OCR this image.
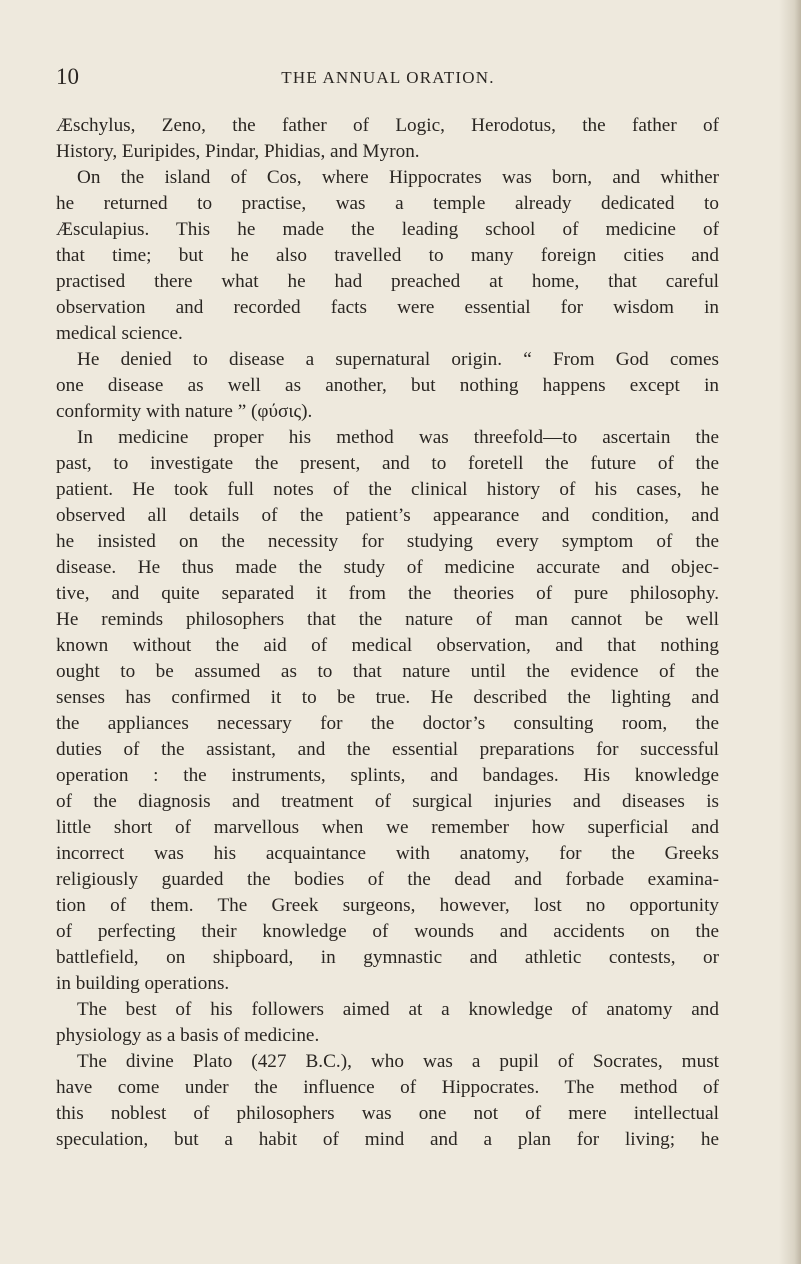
10	THE ANNUAL ORATION.
Æschylus, Zeno, the father of Logic, Herodotus, the father of
History, Euripides, Pindar, Phidias, and Myron.
On the island of Cos, where Hippocrates was born, and whither
he returned to practise, was a temple already dedicated to
Æsculapius. This he made the leading school of medicine of
that time; but he also travelled to many foreign cities and
practised there what he had preached at home, that careful
observation and recorded facts were essential for wisdom in
medical science.
He denied to disease a supernatural origin. “ From God comes
one disease as well as another, but nothing happens except in
conformity with nature ” (φύσις).
In medicine proper his method was threefold—to ascertain the
past, to investigate the present, and to foretell the future of the
patient. He took full notes of the clinical history of his cases, he
observed all details of the patient’s appearance and condition, and
he insisted on the necessity for studying every symptom of the
disease. He thus made the study of medicine accurate and objec-
tive, and quite separated it from the theories of pure philosophy.
He reminds philosophers that the nature of man cannot be well
known without the aid of medical observation, and that nothing
ought to be assumed as to that nature until the evidence of the
senses has confirmed it to be true. He described the lighting and
the appliances necessary for the doctor’s consulting room, the
duties of the assistant, and the essential preparations for successful
operation : the instruments, splints, and bandages. His knowledge
of the diagnosis and treatment of surgical injuries and diseases is
little short of marvellous when we remember how superficial and
incorrect was his acquaintance with anatomy, for the Greeks
religiously guarded the bodies of the dead and forbade examina-
tion of them. The Greek surgeons, however, lost no opportunity
of perfecting their knowledge of wounds and accidents on the
battlefield, on shipboard, in gymnastic and athletic contests, or
in building operations.
The best of his followers aimed at a knowledge of anatomy and
physiology as a basis of medicine.
The divine Plato (427 B.C.), who was a pupil of Socrates, must
have come under the influence of Hippocrates. The method of
this noblest of philosophers was one not of mere intellectual
speculation, but a habit of mind and a plan for living; he
